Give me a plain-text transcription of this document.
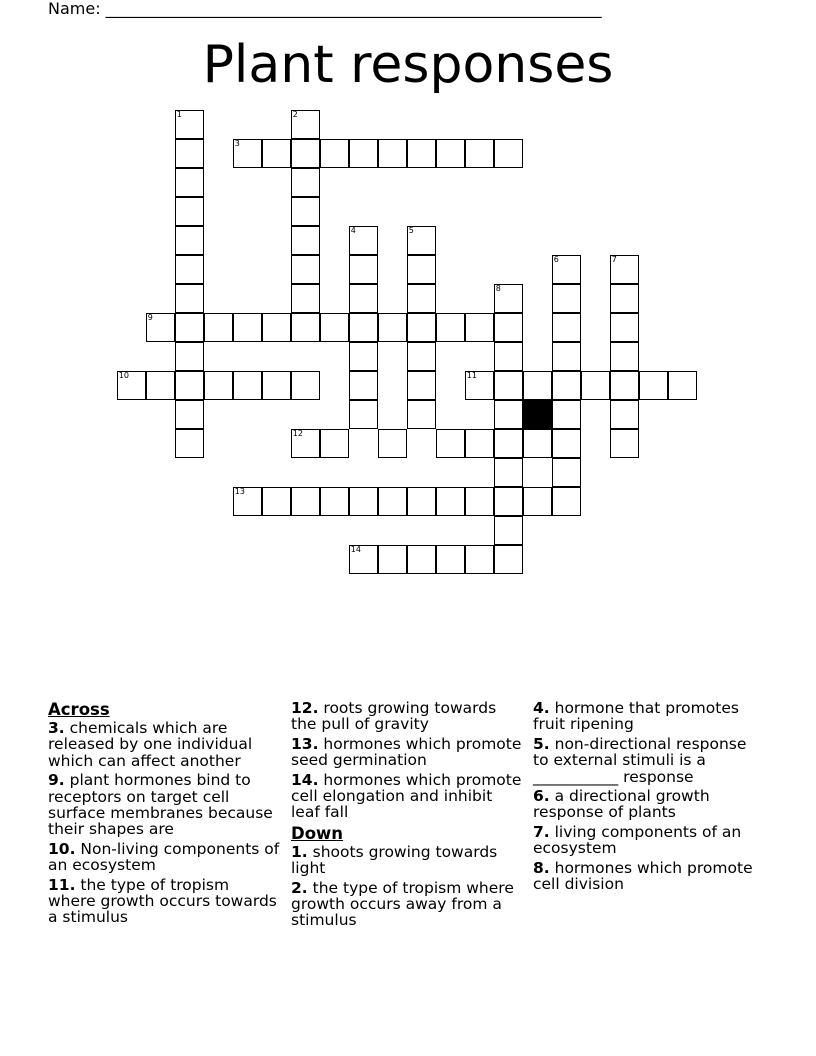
Name: ______________________________________________________________
Plant responses
1	2
3
4	5
6	7
8
9
10	11
12
13
14
Across
3. chemicals which are released by one individual which can affect another
9. plant hormones bind to receptors on target cell surface membranes because their shapes are
10. Non-living components of an ecosystem
11. the type of tropism where growth occurs towards a stimulus
12. roots growing towards the pull of gravity
13. hormones which promote seed germination
14. hormones which promote cell elongation and inhibit leaf fall
Down
1. shoots growing towards light
2. the type of tropism where growth occurs away from a stimulus
4. hormone that promotes fruit ripening
5. non-directional response to external stimuli is a ___________ response
6. a directional growth response of plants
7. living components of an ecosystem
8. hormones which promote cell division
